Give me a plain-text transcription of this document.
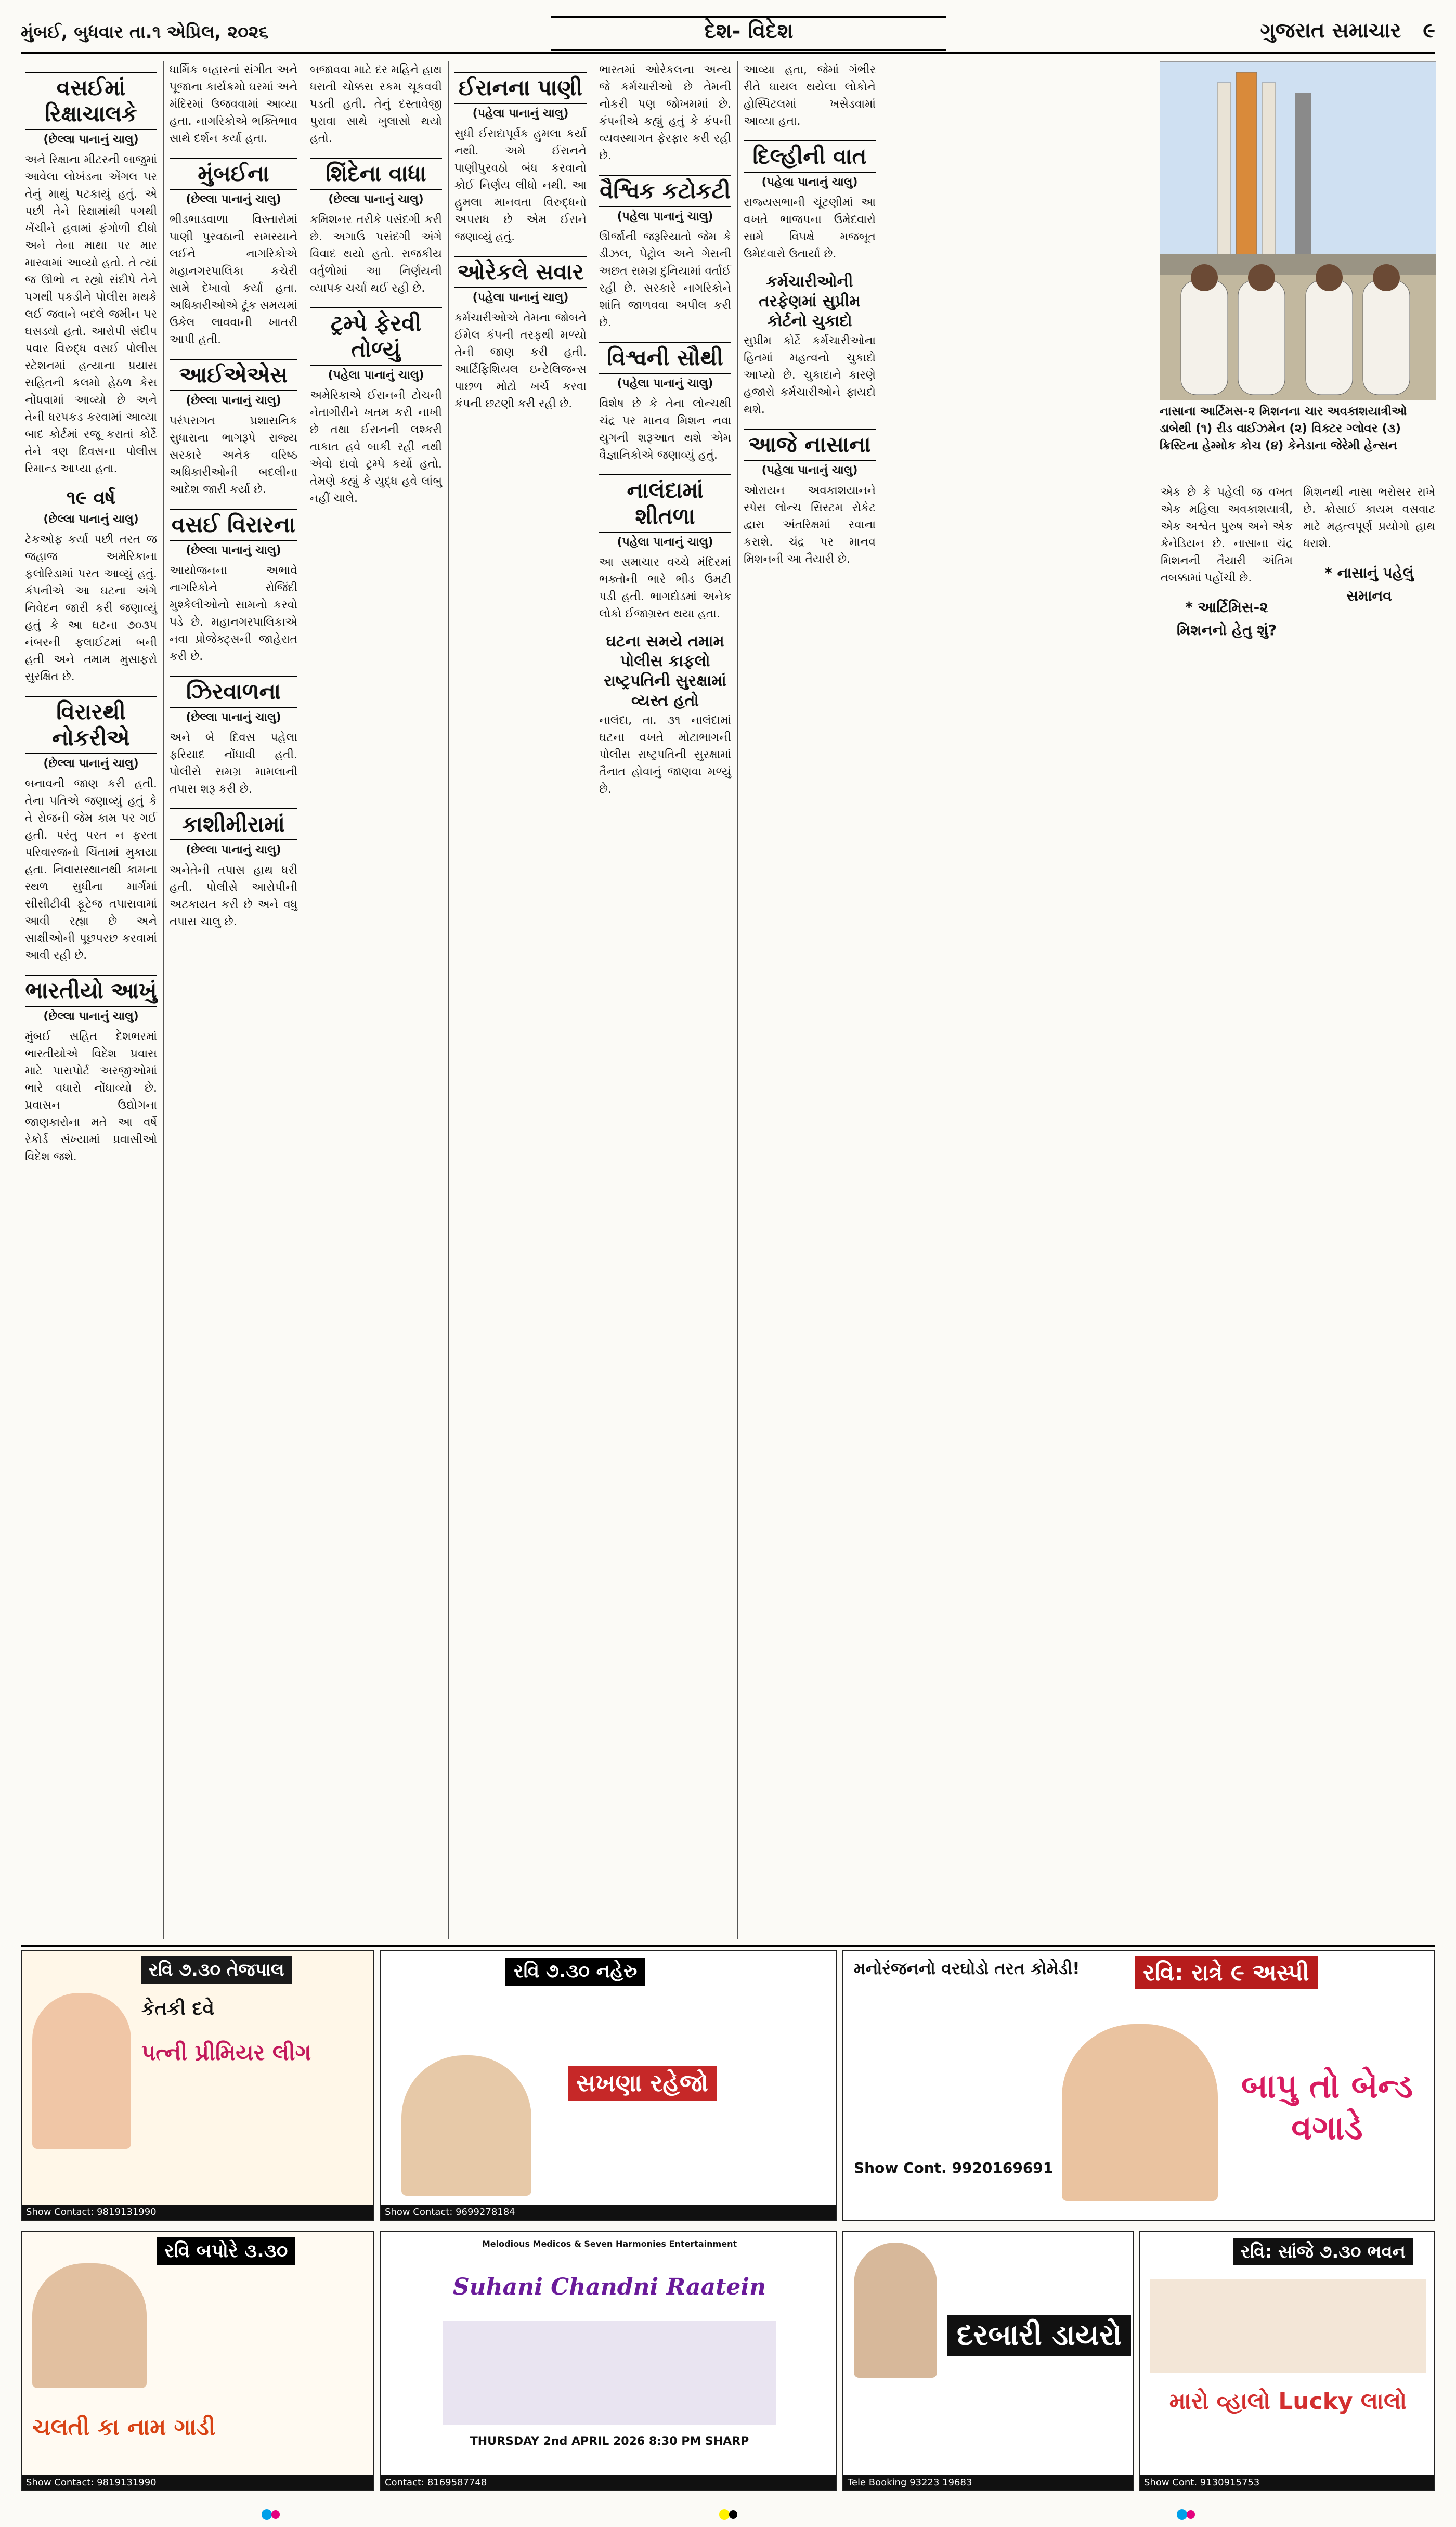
મુંબઈ, બુધવાર તા.૧ એપ્રિલ, ૨૦૨૬	દેશ- વિદેશ	ગુજરાત સમાચાર ૯
વસઈમાં રિક્ષાચાલકે
(છેલ્લા પાનાનું ચાલુ)
અને રિક્ષાના મીટરની બાજુમાં આવેલા લોખંડના એંગલ પર તેનું માથું પટકાયું હતું. એ પછી તેને રિક્ષામાંથી પગથી ખેંચીને હવામાં ફંગોળી દીધો અને તેના માથા પર માર મારવામાં આવ્યો હતો. તે ત્યાં જ ઊભો ન રહ્યો સંદીપે તેને પગથી પકડીને પોલીસ મથકે લઈ જવાને બદલે જમીન પર ઘસડ્યો હતો. આરોપી સંદીપ પવાર વિરુદ્ધ વસઈ પોલીસ સ્ટેશનમાં હત્યાના પ્રયાસ સહિતની કલમો હેઠળ કેસ નોંધવામાં આવ્યો છે અને તેની ધરપકડ કરવામાં આવ્યા બાદ કોર્ટમાં રજૂ કરાતાં કોર્ટે તેને ત્રણ દિવસના પોલીસ રિમાન્ડ આપ્યા હતા.
૧૯ વર્ષ
(છેલ્લા પાનાનું ચાલુ)
ટેકઓફ કર્યા પછી તરત જ જહાજ અમેરિકાના ફલોરિડામાં પરત આવ્યું હતું. કંપનીએ આ ઘટના અંગે નિવેદન જારી કરી જણાવ્યું હતું કે આ ઘટના ૭૦૩૫ નંબરની ફલાઈટમાં બની હતી અને તમામ મુસાફરો સુરક્ષિત છે.
વિરારથી નોકરીએ
(છેલ્લા પાનાનું ચાલુ)
બનાવની જાણ કરી હતી. તેના પતિએ જણાવ્યું હતું કે તે રોજની જેમ કામ પર ગઈ હતી. પરંતુ પરત ન ફરતા પરિવારજનો ચિંતામાં મુકાયા હતા. નિવાસસ્થાનથી કામના સ્થળ સુધીના માર્ગમાં સીસીટીવી ફૂટેજ તપાસવામાં આવી રહ્યા છે અને સાક્ષીઓની પૂછપરછ કરવામાં આવી રહી છે.
ભારતીયો આખું
(છેલ્લા પાનાનું ચાલુ)
મુંબઈ સહિત દેશભરમાં ભારતીયોએ વિદેશ પ્રવાસ માટે પાસપોર્ટ અરજીઓમાં ભારે વધારો નોંધાવ્યો છે. પ્રવાસન ઉદ્યોગના જાણકારોના મતે આ વર્ષે રેકોર્ડ સંખ્યામાં પ્રવાસીઓ વિદેશ જશે.
ધાર્મિક બહારનાં સંગીત અને પૂજાના કાર્યક્રમો ઘરમાં અને મંદિરમાં ઉજવવામાં આવ્યા હતા. નાગરિકોએ ભક્તિભાવ સાથે દર્શન કર્યા હતા.
મુંબઈના
(છેલ્લા પાનાનું ચાલુ)
ભીડભાડવાળા વિસ્તારોમાં પાણી પુરવઠાની સમસ્યાને લઈને નાગરિકોએ મહાનગરપાલિકા કચેરી સામે દેખાવો કર્યા હતા. અધિકારીઓએ ટૂંક સમયમાં ઉકેલ લાવવાની ખાતરી આપી હતી.
આઈએએસ
(છેલ્લા પાનાનું ચાલુ)
પરંપરાગત પ્રશાસનિક સુધારાના ભાગરૂપે રાજ્ય સરકારે અનેક વરિષ્ઠ અધિકારીઓની બદલીના આદેશ જારી કર્યા છે.
વસઈ વિરારના
(છેલ્લા પાનાનું ચાલુ)
આયોજનના અભાવે નાગરિકોને રોજિંદી મુશ્કેલીઓનો સામનો કરવો પડે છે. મહાનગરપાલિકાએ નવા પ્રોજેક્ટ્સની જાહેરાત કરી છે.
ઝિરવાળના
(છેલ્લા પાનાનું ચાલુ)
અને બે દિવસ પહેલા ફરિયાદ નોંધાવી હતી. પોલીસે સમગ્ર મામલાની તપાસ શરૂ કરી છે.
કાશીમીરામાં
(છેલ્લા પાનાનું ચાલુ)
અનેતેની તપાસ હાથ ધરી હતી. પોલીસે આરોપીની અટકાયત કરી છે અને વધુ તપાસ ચાલુ છે.
બજાવવા માટે દર મહિને હાથ ધરાતી ચોક્કસ રકમ ચૂકવવી પડતી હતી. તેનું દસ્તાવેજી પુરાવા સાથે ખુલાસો થયો હતો.
શિંદેના વાધા
(છેલ્લા પાનાનું ચાલુ)
કમિશનર તરીકે પસંદગી કરી છે. અગાઉ પસંદગી અંગે વિવાદ થયો હતો. રાજકીય વર્તુળોમાં આ નિર્ણયની વ્યાપક ચર્ચા થઈ રહી છે.
ટ્રમ્પે ફેરવી તોળ્યું
(પહેલા પાનાનું ચાલુ)
અમેરિકાએ ઈરાનની ટોચની નેતાગીરીને ખતમ કરી નાખી છે તથા ઈરાનની લશ્કરી તાકાત હવે બાકી રહી નથી એવો દાવો ટ્રમ્પે કર્યો હતો. તેમણે કહ્યું કે યુદ્ધ હવે લાંબુ નહીં ચાલે.
ઈરાનના પાણી
(પહેલા પાનાનું ચાલુ)
સુધી ઈરાદાપૂર્વક હુમલા કર્યા નથી. અમે ઈરાનને પાણીપુરવઠો બંધ કરવાનો કોઈ નિર્ણય લીધો નથી. આ હુમલા માનવતા વિરુદ્ધનો અપરાધ છે એમ ઈરાને જણાવ્યું હતું.
ઓરેકલે સવાર
(પહેલા પાનાનું ચાલુ)
કર્મચારીઓએ તેમના જોબને ઈમેલ કંપની તરફથી મળ્યો તેની જાણ કરી હતી. આર્ટિફિશિયલ ઇન્ટેલિજન્સ પાછળ મોટો ખર્ચ કરવા કંપની છટણી કરી રહી છે.
ભારતમાં ઓરેકલના અન્ય જે કર્મચારીઓ છે તેમની નોકરી પણ જોખમમાં છે. કંપનીએ કહ્યું હતું કે કંપની વ્યવસ્થાગત ફેરફાર કરી રહી છે.
વૈશ્વિક કટોકટી
(પહેલા પાનાનું ચાલુ)
ઊર્જાની જરૂરિયાતો જેમ કે ડીઝલ, પેટ્રોલ અને ગેસની અછત સમગ્ર દુનિયામાં વર્તાઈ રહી છે. સરકારે નાગરિકોને શાંતિ જાળવવા અપીલ કરી છે.
વિશ્વની સૌથી
(પહેલા પાનાનું ચાલુ)
વિશેષ છે કે તેના લોન્ચથી ચંદ્ર પર માનવ મિશન નવા યુગની શરૂઆત થશે એમ વૈજ્ઞાનિકોએ જણાવ્યું હતું.
નાલંદામાં શીતળા
(પહેલા પાનાનું ચાલુ)
આ સમાચાર વચ્ચે મંદિરમાં ભક્તોની ભારે ભીડ ઉમટી પડી હતી. ભાગદોડમાં અનેક લોકો ઈજાગ્રસ્ત થયા હતા.
ઘટના સમયે તમામ પોલીસ કાફલો રાષ્ટ્રપતિની સુરક્ષામાં વ્યસ્ત હતો
નાલંદા, તા. ૩૧ નાલંદામાં ઘટના વખતે મોટાભાગની પોલીસ રાષ્ટ્રપતિની સુરક્ષામાં તૈનાત હોવાનું જાણવા મળ્યું છે.
આવ્યા હતા, જેમાં ગંભીર રીતે ઘાયલ થયેલા લોકોને હોસ્પિટલમાં ખસેડવામાં આવ્યા હતા.
દિલ્હીની વાત
(પહેલા પાનાનું ચાલુ)
રાજ્યસભાની ચૂંટણીમાં આ વખતે ભાજપના ઉમેદવારો સામે વિપક્ષે મજબૂત ઉમેદવારો ઉતાર્યા છે.
કર્મચારીઓની તરફેણમાં સુપ્રીમ કોર્ટનો ચુકાદો
સુપ્રીમ કોર્ટે કર્મચારીઓના હિતમાં મહત્વનો ચુકાદો આપ્યો છે. ચુકાદાને કારણે હજારો કર્મચારીઓને ફાયદો થશે.
આજે નાસાના
(પહેલા પાનાનું ચાલુ)
ઓરાયન અવકાશયાનને સ્પેસ લોન્ચ સિસ્ટમ રોકેટ દ્વારા અંતરિક્ષમાં રવાના કરાશે. ચંદ્ર પર માનવ મિશનની આ તૈયારી છે.
નાસાના આર્ટિમસ-૨ મિશનના ચાર અવકાશયાત્રીઓ ડાબેથી (૧) રીડ વાઈઝમેન (૨) વિક્ટર ગ્લોવર (૩) ક્રિસ્ટિના હેમ્મોક કોચ (૪) કેનેડાના જેરેમી હેન્સન
એક છે કે પહેલી જ વખત એક મહિલા અવકાશયાત્રી, એક અશ્વેત પુરુષ અને એક કેનેડિયન છે. નાસાના ચંદ્ર મિશનની તૈયારી અંતિમ તબક્કામાં પહોંચી છે.
* આર્ટિમિસ-૨ મિશનનો હેતુ શું?
મિશનથી નાસા ભરોસર રાખે છે. ક્રોસાઈ કાયમ વસવાટ માટે મહત્વપૂર્ણ પ્રયોગો હાથ ધરાશે.
* નાસાનું પહેલું સમાનવ
રવિ ૭.૩૦ તેજપાલ
કેતકી દવે
પત્ની પ્રીમિયર લીગ
Show Contact: 9819131990
રવિ ૭.૩૦ નહેરુ
સખણા રહેજો
Show Contact: 9699278184
મનોરંજનનો વરઘોડો તરત કોમેડી!	રવિ: રાત્રે ૯ અસ્પી
બાપુ તો બેન્ડ વગાડે
Show Cont. 9920169691
રવિ બપોરે ૩.૩૦
ચલતી કા નામ ગાડી
Show Contact: 9819131990
Melodious Medicos & Seven Harmonies Entertainment
Suhani Chandni Raatein
THURSDAY 2nd APRIL 2026 8:30 PM SHARP
Contact: 8169587748
દરબારી ડાયરો
Tele Booking 93223 19683
રવિ: સાંજે ૭.૩૦ ભવન
મારો વ્હાલો Lucky લાલો
Show Cont. 9130915753
